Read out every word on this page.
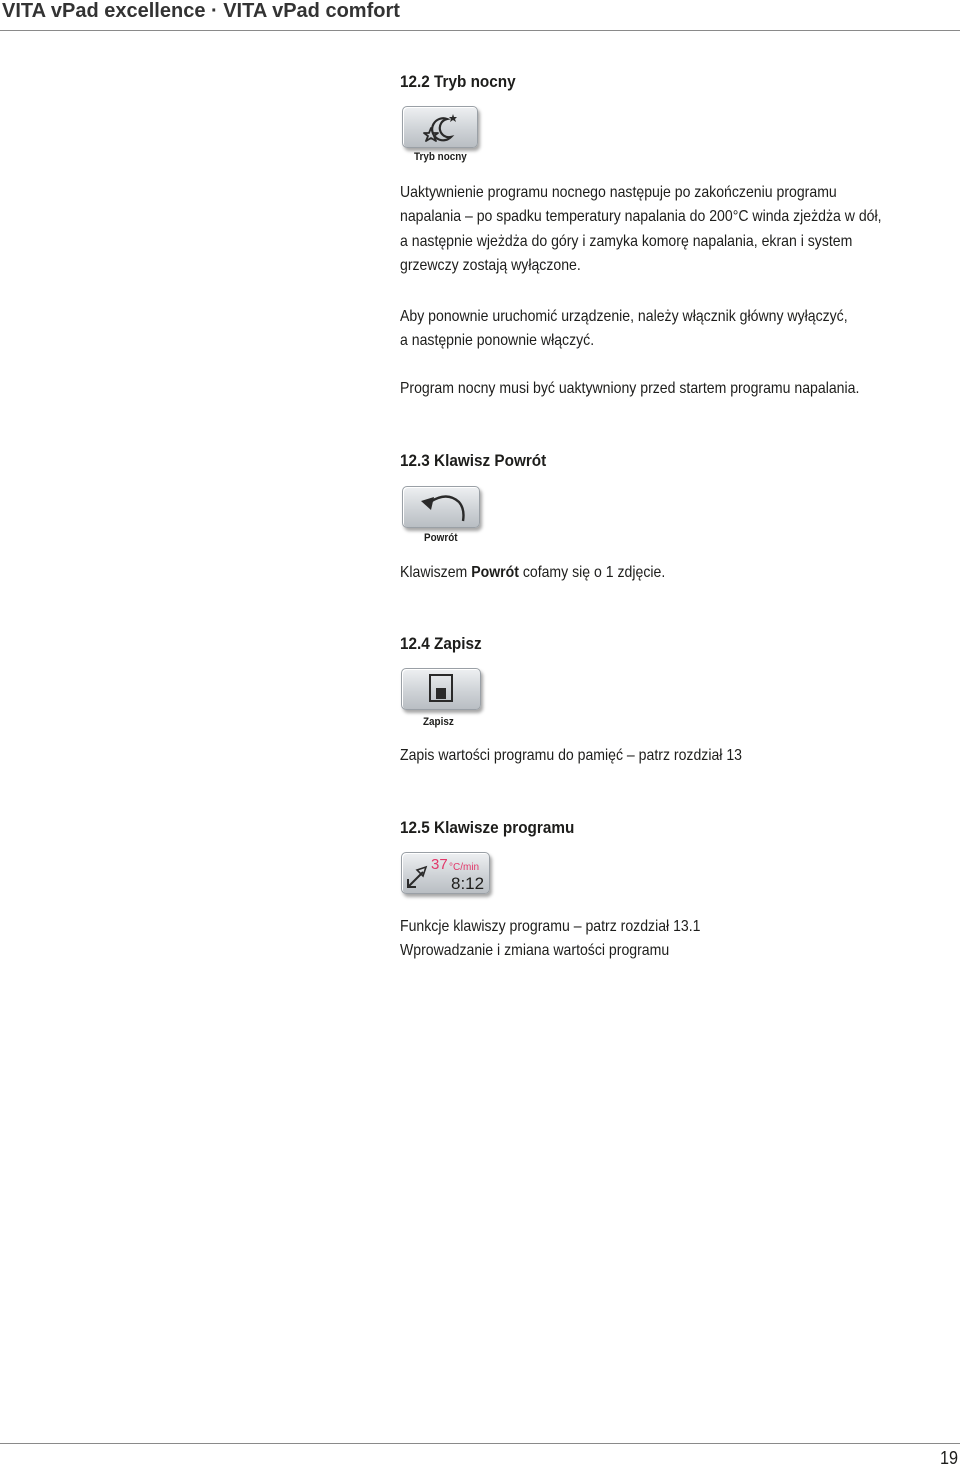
VITA vPad excellence · VITA vPad comfort
12.2 Tryb nocny
Tryb nocny
Uaktywnienie programu nocnego następuje po zakończeniu programu
napalania – po spadku temperatury napalania do 200°C winda zjeżdża w dół,
a następnie wjeżdża do góry i zamyka komorę napalania, ekran i system
grzewczy zostają wyłączone.
Aby ponownie uruchomić urządzenie, należy włącznik główny wyłączyć,
a następnie ponownie włączyć.
Program nocny musi być uaktywniony przed startem programu napalania.
12.3 Klawisz Powrót
Powrót
Klawiszem Powrót cofamy się o 1 zdjęcie.
12.4 Zapisz
Zapisz
Zapis wartości programu do pamięć – patrz rozdział 13
12.5 Klawisze programu
37 °C/min
8:12
Funkcje klawiszy programu – patrz rozdział 13.1
Wprowadzanie i zmiana wartości programu
19
